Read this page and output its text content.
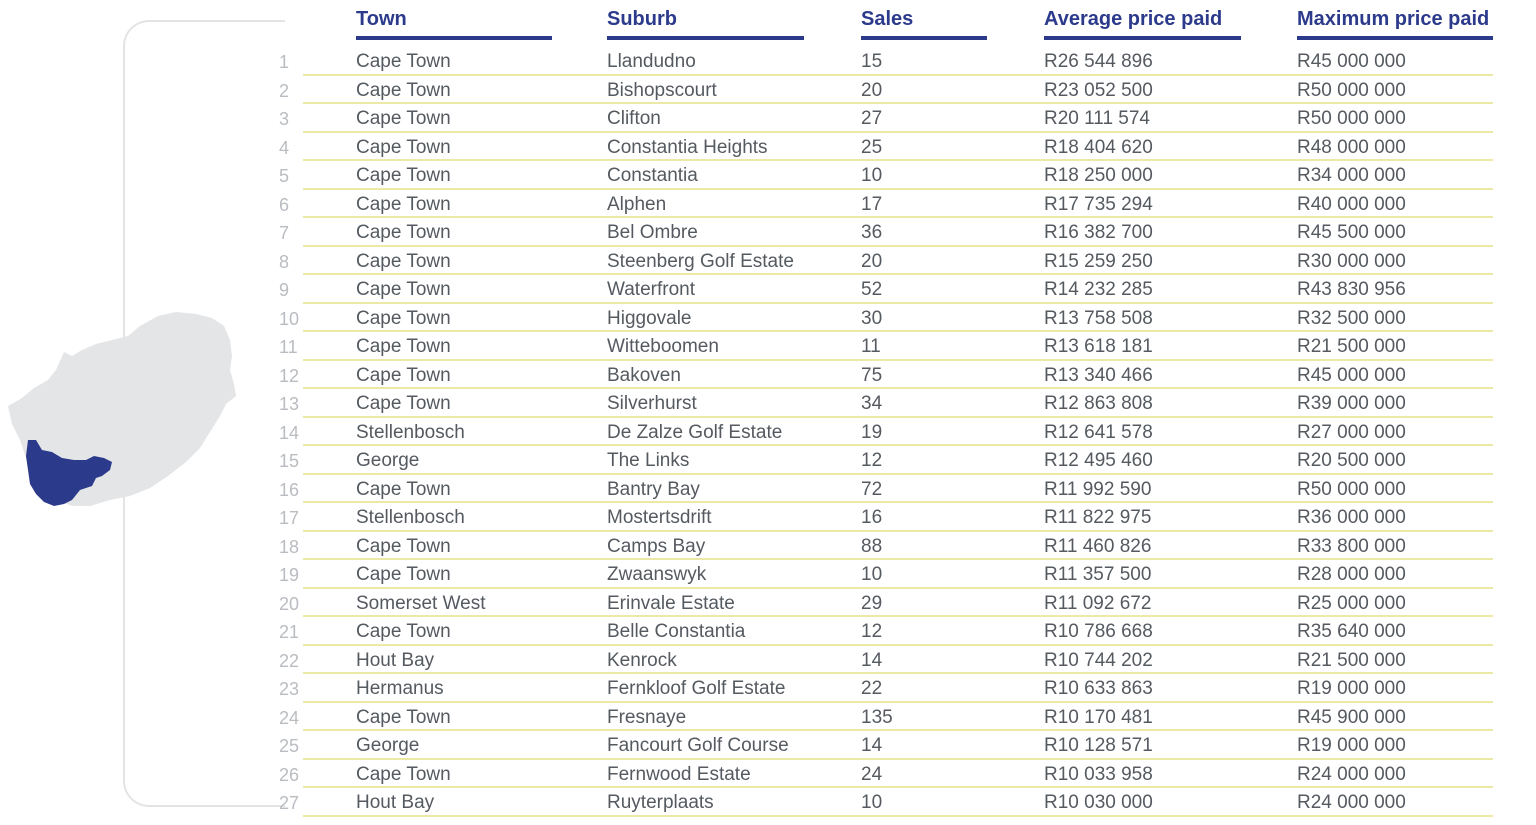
Town	Suburb	Sales	Average price paid	Maximum price paid
1	Cape Town	Llandudno	15	R26 544 896	R45 000 000
2	Cape Town	Bishopscourt	20	R23 052 500	R50 000 000
3	Cape Town	Clifton	27	R20 111 574	R50 000 000
4	Cape Town	Constantia Heights	25	R18 404 620	R48 000 000
5	Cape Town	Constantia	10	R18 250 000	R34 000 000
6	Cape Town	Alphen	17	R17 735 294	R40 000 000
7	Cape Town	Bel Ombre	36	R16 382 700	R45 500 000
8	Cape Town	Steenberg Golf Estate	20	R15 259 250	R30 000 000
9	Cape Town	Waterfront	52	R14 232 285	R43 830 956
10	Cape Town	Higgovale	30	R13 758 508	R32 500 000
11	Cape Town	Witteboomen	11	R13 618 181	R21 500 000
12	Cape Town	Bakoven	75	R13 340 466	R45 000 000
13	Cape Town	Silverhurst	34	R12 863 808	R39 000 000
14	Stellenbosch	De Zalze Golf Estate	19	R12 641 578	R27 000 000
15	George	The Links	12	R12 495 460	R20 500 000
16	Cape Town	Bantry Bay	72	R11 992 590	R50 000 000
17	Stellenbosch	Mostertsdrift	16	R11 822 975	R36 000 000
18	Cape Town	Camps Bay	88	R11 460 826	R33 800 000
19	Cape Town	Zwaanswyk	10	R11 357 500	R28 000 000
20	Somerset West	Erinvale Estate	29	R11 092 672	R25 000 000
21	Cape Town	Belle Constantia	12	R10 786 668	R35 640 000
22	Hout Bay	Kenrock	14	R10 744 202	R21 500 000
23	Hermanus	Fernkloof Golf Estate	22	R10 633 863	R19 000 000
24	Cape Town	Fresnaye	135	R10 170 481	R45 900 000
25	George	Fancourt Golf Course	14	R10 128 571	R19 000 000
26	Cape Town	Fernwood Estate	24	R10 033 958	R24 000 000
27	Hout Bay	Ruyterplaats	10	R10 030 000	R24 000 000
